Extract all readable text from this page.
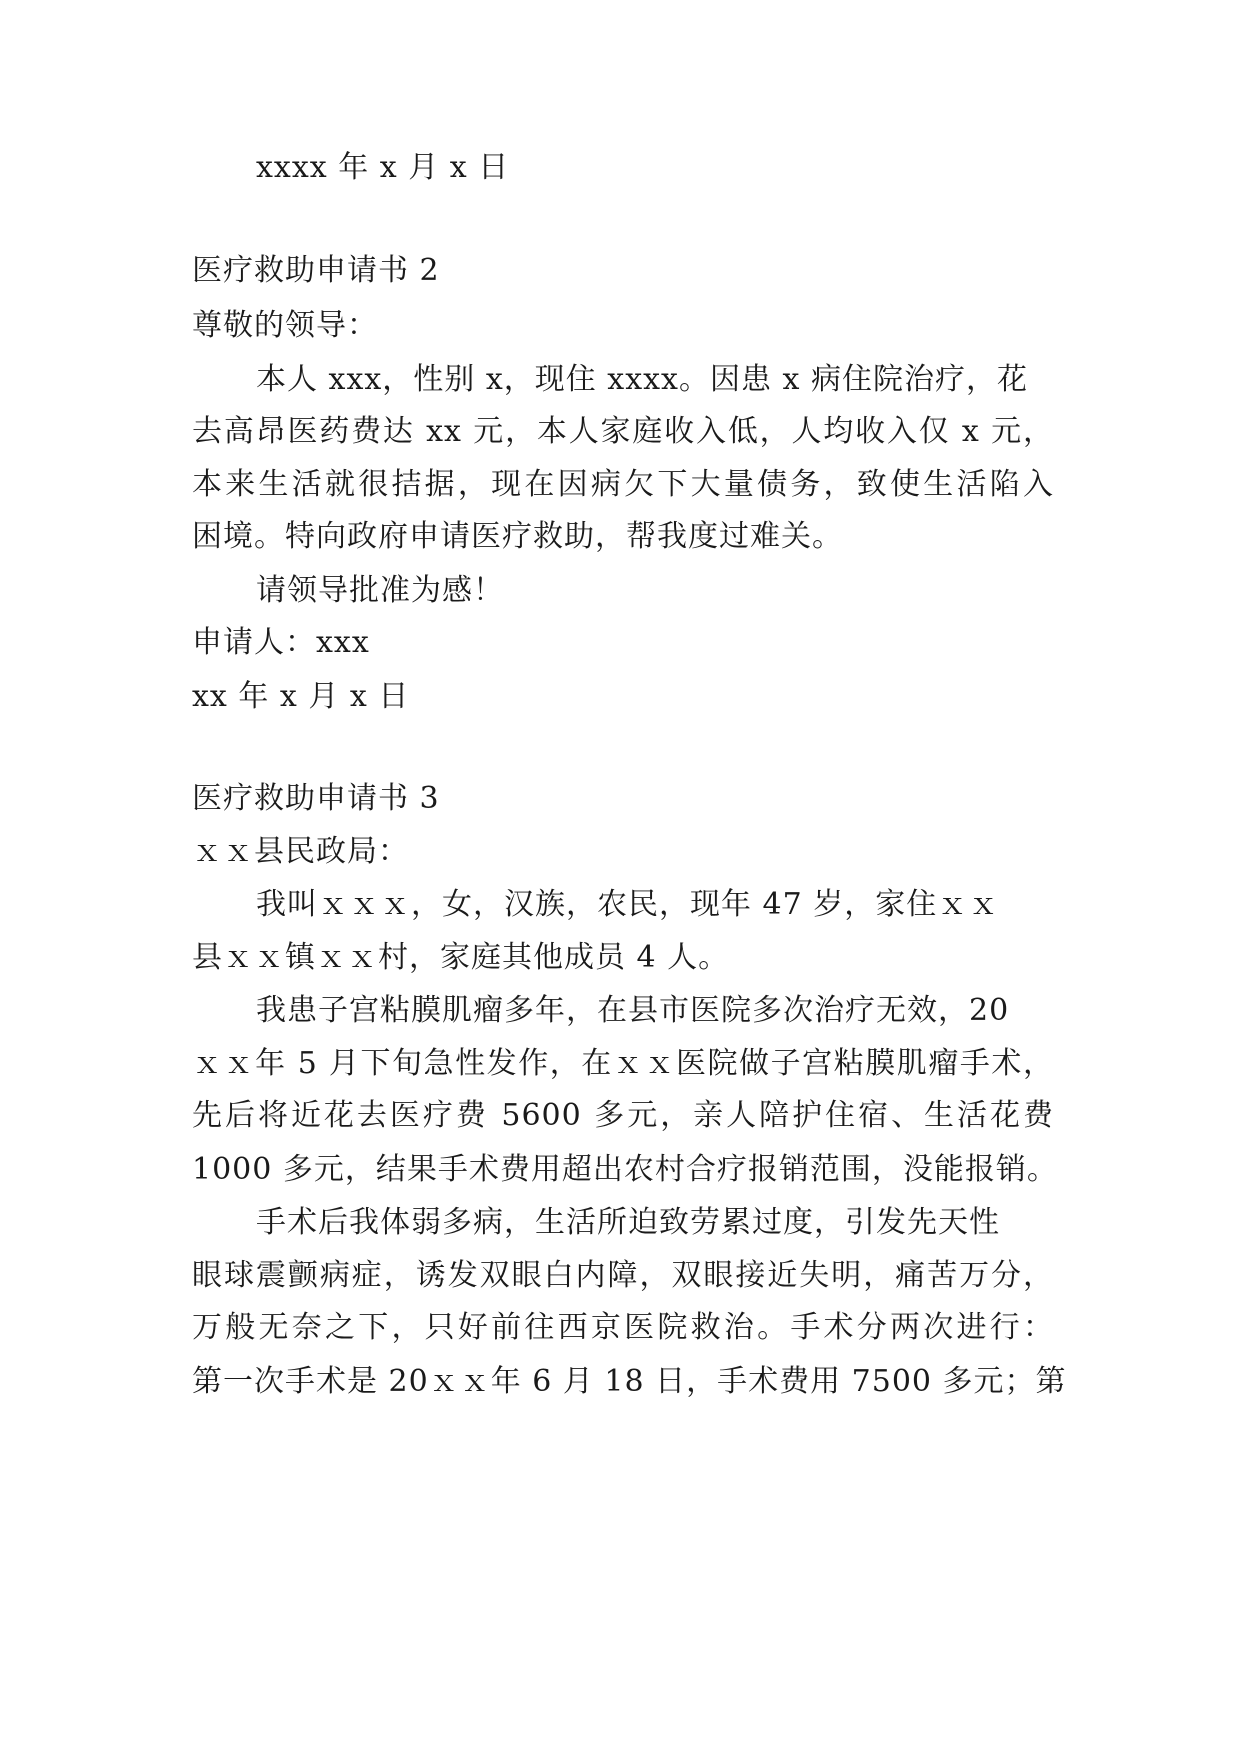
xxxx 年 x 月 x 日
医疗救助申请书 2
尊敬的领导：
本人 xxx，性别 x，现住 xxxx。因患 x 病住院治疗，花
去高昂医药费达 xx 元，本人家庭收入低，人均收入仅 x 元，
本来生活就很拮据，现在因病欠下大量债务，致使生活陷入
困境。特向政府申请医疗救助，帮我度过难关。
请领导批准为感！
申请人：xxx
xx 年 x 月 x 日
医疗救助申请书 3
ｘｘ县民政局：
我叫ｘｘｘ，女，汉族，农民，现年 47 岁，家住ｘｘ
县ｘｘ镇ｘｘ村，家庭其他成员 4 人。
我患子宫粘膜肌瘤多年，在县市医院多次治疗无效，20
ｘｘ年 5 月下旬急性发作，在ｘｘ医院做子宫粘膜肌瘤手术，
先后将近花去医疗费 5600 多元，亲人陪护住宿、生活花费
1000 多元，结果手术费用超出农村合疗报销范围，没能报销。
手术后我体弱多病，生活所迫致劳累过度，引发先天性
眼球震颤病症，诱发双眼白内障，双眼接近失明，痛苦万分，
万般无奈之下，只好前往西京医院救治。手术分两次进行：
第一次手术是 20ｘｘ年 6 月 18 日，手术费用 7500 多元；第
